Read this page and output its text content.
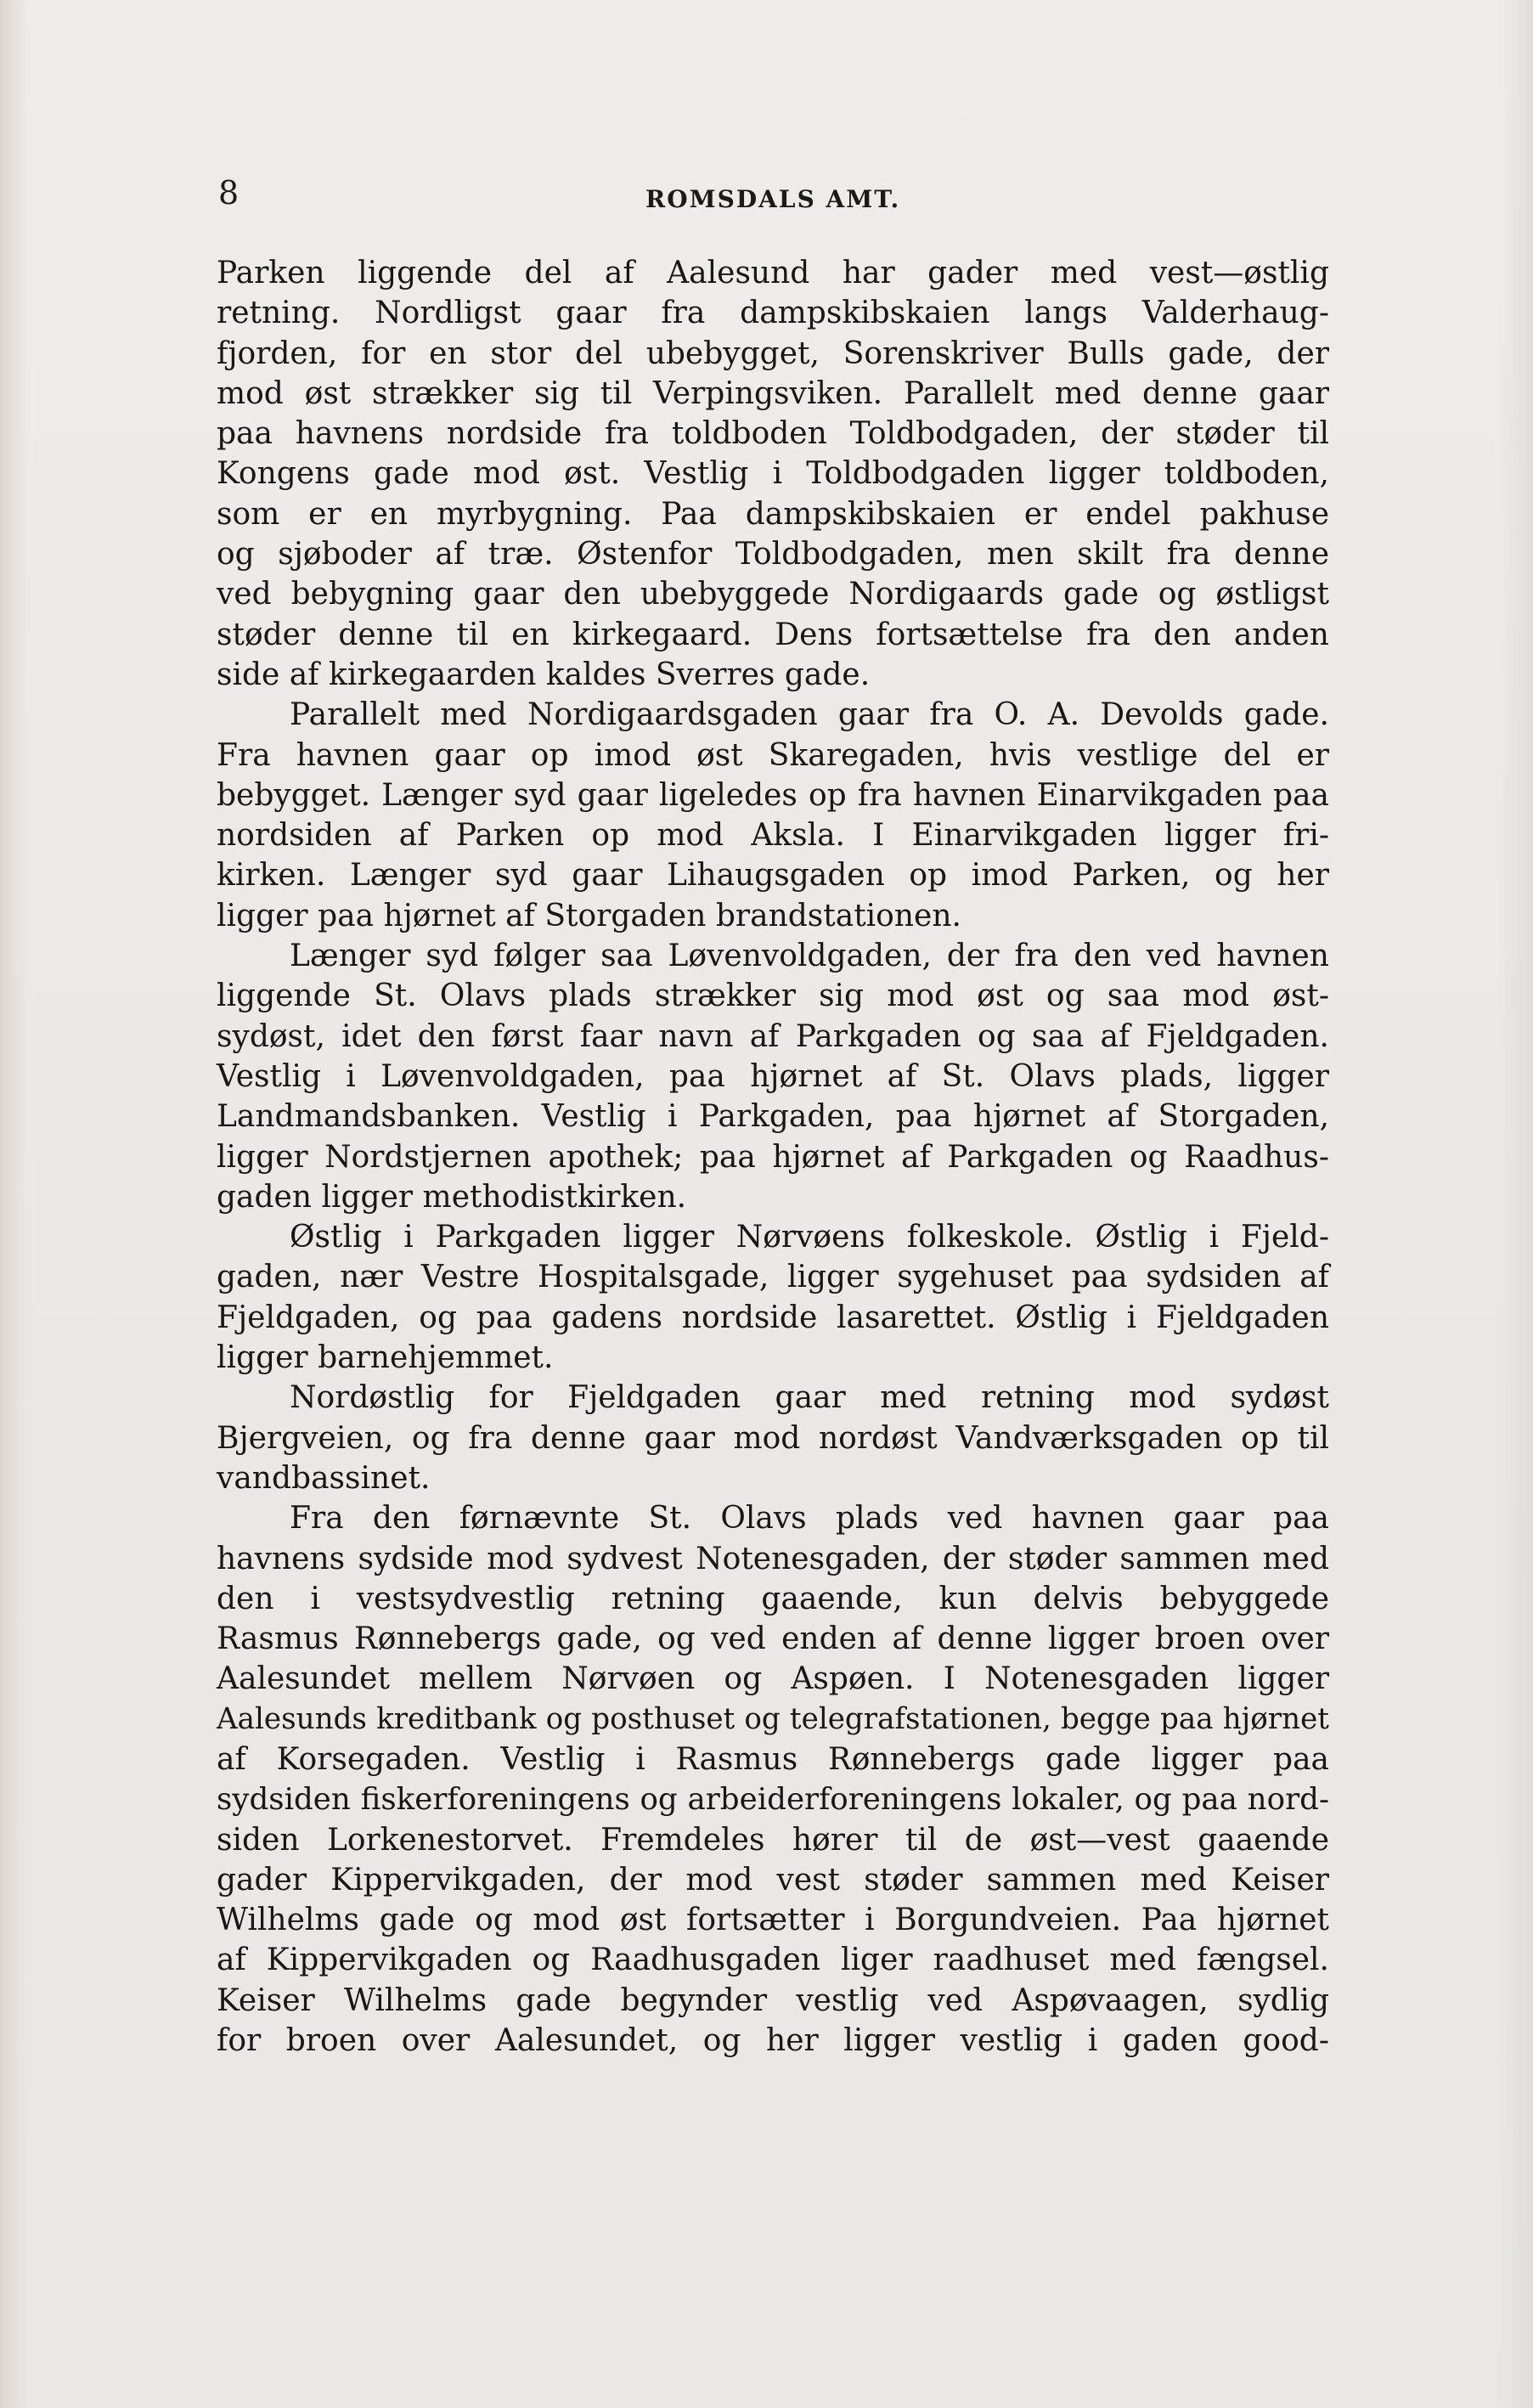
8	ROMSDALS AMT.
Parken liggende del af Aalesund har gader med vest—østlig
retning. Nordligst gaar fra dampskibskaien langs Valderhaug-
fjorden, for en stor del ubebygget, Sorenskriver Bulls gade, der
mod øst strækker sig til Verpingsviken. Parallelt med denne gaar
paa havnens nordside fra toldboden Toldbodgaden, der støder til
Kongens gade mod øst. Vestlig i Toldbodgaden ligger toldboden,
som er en myrbygning. Paa dampskibskaien er endel pakhuse
og sjøboder af træ. Østenfor Toldbodgaden, men skilt fra denne
ved bebygning gaar den ubebyggede Nordigaards gade og østligst
støder denne til en kirkegaard. Dens fortsættelse fra den anden
side af kirkegaarden kaldes Sverres gade.
Parallelt med Nordigaardsgaden gaar fra O. A. Devolds gade.
Fra havnen gaar op imod øst Skaregaden, hvis vestlige del er
bebygget. Længer syd gaar ligeledes op fra havnen Einarvikgaden paa
nordsiden af Parken op mod Aksla. I Einarvikgaden ligger fri-
kirken. Længer syd gaar Lihaugsgaden op imod Parken, og her
ligger paa hjørnet af Storgaden brandstationen.
Længer syd følger saa Løvenvoldgaden, der fra den ved havnen
liggende St. Olavs plads strækker sig mod øst og saa mod øst-
sydøst, idet den først faar navn af Parkgaden og saa af Fjeldgaden.
Vestlig i Løvenvoldgaden, paa hjørnet af St. Olavs plads, ligger
Landmandsbanken. Vestlig i Parkgaden, paa hjørnet af Storgaden,
ligger Nordstjernen apothek; paa hjørnet af Parkgaden og Raadhus-
gaden ligger methodistkirken.
Østlig i Parkgaden ligger Nørvøens folkeskole. Østlig i Fjeld-
gaden, nær Vestre Hospitalsgade, ligger sygehuset paa sydsiden af
Fjeldgaden, og paa gadens nordside lasarettet. Østlig i Fjeldgaden
ligger barnehjemmet.
Nordøstlig for Fjeldgaden gaar med retning mod sydøst
Bjergveien, og fra denne gaar mod nordøst Vandværksgaden op til
vandbassinet.
Fra den førnævnte St. Olavs plads ved havnen gaar paa
havnens sydside mod sydvest Notenesgaden, der støder sammen med
den i vestsydvestlig retning gaaende, kun delvis bebyggede
Rasmus Rønnebergs gade, og ved enden af denne ligger broen over
Aalesundet mellem Nørvøen og Aspøen. I Notenesgaden ligger
Aalesunds kreditbank og posthuset og telegrafstationen, begge paa hjørnet
af Korsegaden. Vestlig i Rasmus Rønnebergs gade ligger paa
sydsiden fiskerforeningens og arbeiderforeningens lokaler, og paa nord-
siden Lorkenestorvet. Fremdeles hører til de øst—vest gaaende
gader Kippervikgaden, der mod vest støder sammen med Keiser
Wilhelms gade og mod øst fortsætter i Borgundveien. Paa hjørnet
af Kippervikgaden og Raadhusgaden liger raadhuset med fængsel.
Keiser Wilhelms gade begynder vestlig ved Aspøvaagen, sydlig
for broen over Aalesundet, og her ligger vestlig i gaden good-
